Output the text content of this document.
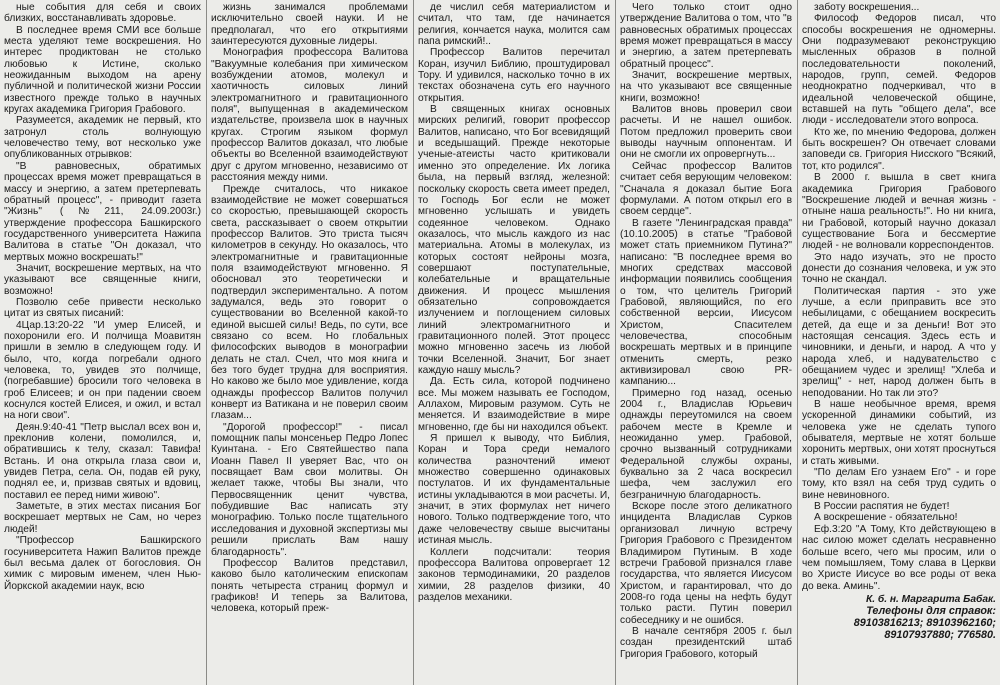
ные события для себя и своих близких, восстанавливать здоровье.

В последнее время СМИ все больше места уделяют теме воскрешения. Но интерес продиктован не столько любовью к Истине, сколько неожиданным выходом на арену публичной и политической жизни России известного прежде только в научных кругах академика Григория Грабового.

Разумеется, академик не первый, кто затронул столь волнующую человечество тему, вот несколько уже опубликованных отрывков:

"В равновесных, обратимых процессах время может превращаться в массу и энергию, а затем претерпевать обратный процесс", - приводит газета "Жизнь" (№211, 24.09.2003г.) утверждение профессора Башкирского государственного университета Нажипа Валитова в статье "Он доказал, что мертвых можно воскрешать!"

Значит, воскрешение мертвых, на что указывают все священные книги, возможно!

Позволю себе привести несколько цитат из святых писаний:

4Цар.13:20-22 "И умер Елисей, и похоронили его. И полчища Моавитян пришли в землю в следующем году. И было, что, когда погребали одного человека, то, увидев это полчище, (погребавшие) бросили того человека в гроб Елисеев; и он при падении своем коснулся костей Елисея, и ожил, и встал на ноги свои".

Деян.9:40-41 "Петр выслал всех вон и, преклонив колени, помолился, и, обратившись к телу, сказал: Тавифа! Встань. И она открыла глаза свои и, увидев Петра, села. Он, подав ей руку, поднял ее, и, призвав святых и вдовиц, поставил ее перед ними живою".

Заметьте, в этих местах писания Бог воскрешает мертвых не Сам, но через людей!

"Профессор Башкирского госуниверситета Нажип Валитов прежде был весьма далек от богословия. Он химик с мировым именем, член Нью-Йоркской академии наук, всю

жизнь занимался проблемами исключительно своей науки. И не предполагал, что его открытиями заинтересуются духовные лидеры.

Монография профессора Валитова "Вакуумные колебания при химическом возбуждении атомов, молекул и хаотичность силовых линий электромагнитного и гравитационного поля", выпущенная в академическом издательстве, произвела шок в научных кругах. Строгим языком формул профессор Валитов доказал, что любые объекты во Вселенной взаимодействуют друг с другом мгновенно, независимо от расстояния между ними.

Прежде считалось, что никакое взаимодействие не может совершаться со скоростью, превышающей скорость света, рассказывает о своем открытии профессор Валитов. Это триста тысяч километров в секунду. Но оказалось, что электромагнитные и гравитационные поля взаимодействуют мгновенно. Я обосновал это теоретически и подтвердил экспериментально. А потом задумался, ведь это говорит о существовании во Вселенной какой-то единой высшей силы! Ведь, по сути, все связано со всем. Но глобальных философских выводов в монографии делать не стал. Счел, что моя книга и без того будет трудна для восприятия. Но каково же было мое удивление, когда однажды профессор Валитов получил конверт из Ватикана и не поверил своим глазам...

"Дорогой профессор!" - писал помощник папы монсеньер Педро Лопес Куинтана. - Его Святейшество папа Иоанн Павел II уверяет Вас, что он посвящает Вам свои молитвы. Он желает также, чтобы Вы знали, что Первосвященник ценит чувства, побудившие Вас написать эту монографию. Только после тщательного исследования и духовной экспертизы мы решили прислать Вам нашу благодарность".

Профессор Валитов представил, каково было католическим епископам понять четыреста страниц формул и графиков! И теперь за Валитова, человека, который преж-

де числил себя материалистом и считал, что там, где начинается религия, кончается наука, молится сам папа римский!..

Профессор Валитов перечитал Коран, изучил Библию, проштудировал Тору. И удивился, насколько точно в их текстах обозначена суть его научного открытия.

В священных книгах основных мирских религий, говорит профессор Валитов, написано, что Бог всевидящий и вседышащий. Прежде некоторые ученые-атеисты часто критиковали именно это определение. Их логика была, на первый взгляд, железной: поскольку скорость света имеет предел, то Господь Бог если не может мгновенно услышать и увидеть содеянное человеком. Однако оказалось, что мысль каждого из нас материальна. Атомы в молекулах, из которых состоят нейроны мозга, совершают поступательные, колебательные и вращательные движения. И процесс мышления обязательно сопровождается излучением и поглощением силовых линий электромагнитного и гравитационного полей. Этот процесс можно мгновенно засечь из любой точки Вселенной. Значит, Бог знает каждую нашу мысль?

Да. Есть сила, которой подчинено все. Мы можем называть ее Господом, Аллахом, Мировым разумом. Суть не меняется. И взаимодействие в мире мгновенно, где бы ни находился объект.

Я пришел к выводу, что Библия, Коран и Тора среди немалого количества разночтений имеют множество совершенно одинаковых постулатов. И их фундаментальные истины укладываются в мои расчеты. И, значит, в этих формулах нет ничего нового. Только подтверждение того, что даже человечеству свыше высчитаны истиная мысль.

Коллеги подсчитали: теория профессора Валитова опровергает 12 законов термодинамики, 20 разделов химии, 28 разделов физики, 40 разделов механики.

Чего только стоит одно утверждение Валитова о том, что "в равновесных обратимых процессах время может превращаться в массу и энергию, а затем претерпевать обратный процесс".

Значит, воскрешение мертвых, на что указывают все священные книги, возможно!

Валитов вновь проверил свои расчеты. И не нашел ошибок. Потом предложил проверить свои выводы научным оппонентам. И они не смогли их опровергнуть...

Сейчас профессор Валитов считает себя верующим человеком: "Сначала я доказал бытие Бога формулами. А потом открыл его в своем сердце".

В газете "Ленинградская правда" (10.10.2005) в статье "Грабовой может стать приемником Путина?" написано: "В последнее время во многих средствах массовой информации появились сообщения о том, что целитель Григорий Грабовой, являющийся, по его собственной версии, Иисусом Христом, Спасителем человечества, способным воскрешать мертвых и в принципе отменить смерть, резко активизировал свою PR-кампанию...

Примерно год назад, осенью 2004 г., Владислав Юрьевич однажды переутомился на своем рабочем месте в Кремле и неожиданно умер. Грабовой, срочно вызванный сотрудниками Федеральной службы охраны, буквально за 2 часа воскресил шефа, чем заслужил его безграничную благодарность.

Вскоре после этого деликатного инцидента Владислав Сурков организовал личную встречу Григория Грабового с Президентом Владимиром Путиным. В ходе встречи Грабовой признался главе государства, что является Иисусом Христом, и гарантировал, что до 2008-го года цены на нефть будут только расти. Путин поверил собеседнику и не ошибся.

В начале сентября 2005 г. был создан президентский штаб Григория Грабового, который

заботу воскрешения...

Философ Федоров писал, что способы воскрешения не одномерны. Они подразумевают реконструкцию мысленных образов в полной последовательности поколений, народов, групп, семей. Федоров неоднократно подчеркивал, что в идеальной человеческой общине, вставшей на путь "общего дела", все люди - исследователи этого вопроса.

Кто же, по мнению Федорова, должен быть воскрешен? Он отвечает словами заповеди св. Григория Нисского "Всякий, тот, кто родился".

В 2000 г. вышла в свет книга академика Григория Грабового "Воскрешение людей и вечная жизнь - отныне наша реальность!". Но ни книга, ни Грабовой, который научно доказал существование Бога и бессмертие людей - не волновали корреспондентов.

Это надо изучать, это не просто донести до сознания человека, и уж это точно не скандал.

Политическая партия - это уже лучше, а если приправить все это небылицами, с обещанием воскресить детей, да еще и за деньги! Вот это настоящая сенсация. Здесь есть и чиновники, и деньги, и народ. А что у народа хлеб, и надувательство с обещанием чудес и зрелищ! "Хлеба и зрелищ" - нет, народ должен быть в неподовании. Но так ли это?

В наше необычное время, время ускоренной динамики событий, из человека уже не сделать тупого обывателя, мертвые не хотят больше хоронить мертвых, они хотят проснуться и стать живыми.

"По делам Его узнаем Его" - и горе тому, кто взял на себя труд судить о вине невиновного.

В России распятия не будет!

А воскрешение - обязательно!

Еф.3:20 "А Тому, Кто действующею в нас силою может сделать несравненно больше всего, чего мы просим, или о чем помышляем, Тому слава в Церкви во Христе Иисусе во все роды от века до века. Аминь".

К. б. н. Маргарита Бабак.
Телефоны для справок:
89103816213; 89103962160; 89107937880; 776580.
